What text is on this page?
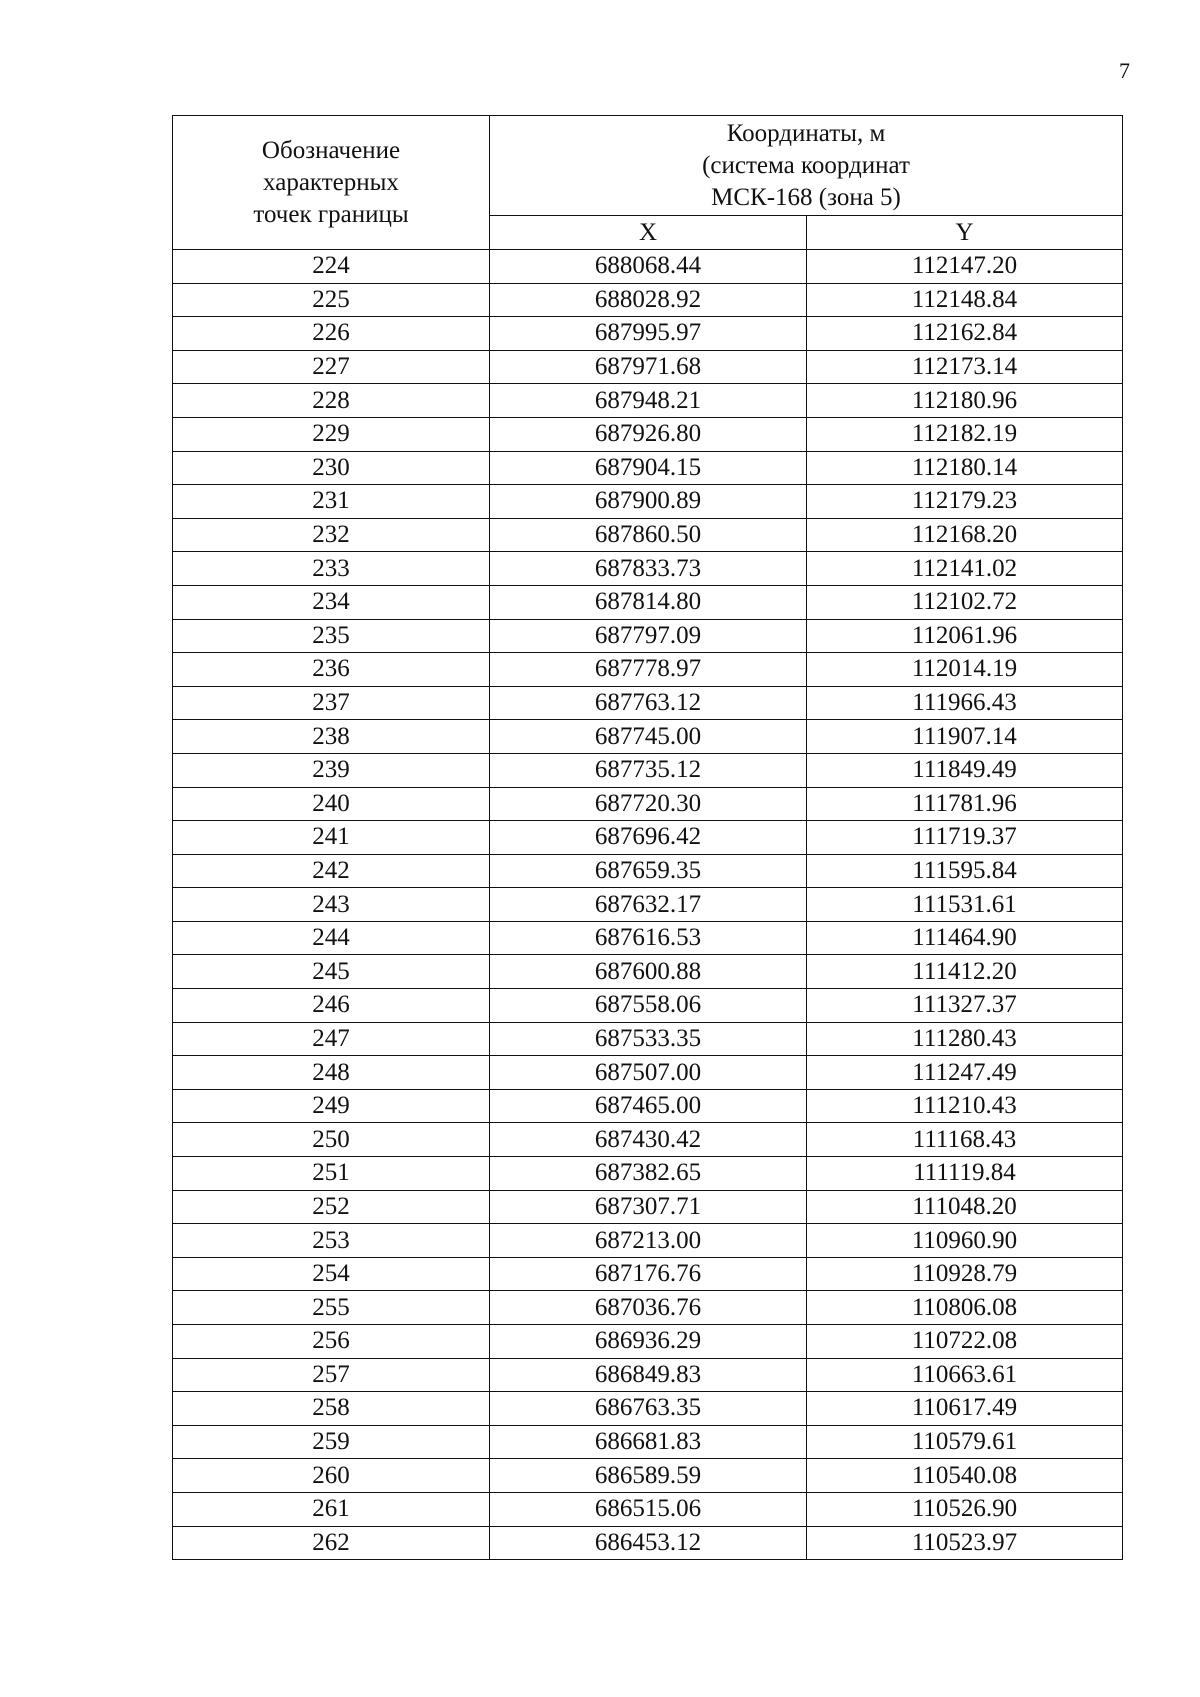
7
Обозначение
характерных
точек границы	Координаты, м
(система координат
МСК-168 (зона 5)	

	X	Y
224	688068.44	112147.20
225	688028.92	112148.84
226	687995.97	112162.84
227	687971.68	112173.14
228	687948.21	112180.96
229	687926.80	112182.19
230	687904.15	112180.14
231	687900.89	112179.23
232	687860.50	112168.20
233	687833.73	112141.02
234	687814.80	112102.72
235	687797.09	112061.96
236	687778.97	112014.19
237	687763.12	111966.43
238	687745.00	111907.14
239	687735.12	111849.49
240	687720.30	111781.96
241	687696.42	111719.37
242	687659.35	111595.84
243	687632.17	111531.61
244	687616.53	111464.90
245	687600.88	111412.20
246	687558.06	111327.37
247	687533.35	111280.43
248	687507.00	111247.49
249	687465.00	111210.43
250	687430.42	111168.43
251	687382.65	111119.84
252	687307.71	111048.20
253	687213.00	110960.90
254	687176.76	110928.79
255	687036.76	110806.08
256	686936.29	110722.08
257	686849.83	110663.61
258	686763.35	110617.49
259	686681.83	110579.61
260	686589.59	110540.08
261	686515.06	110526.90
262	686453.12	110523.97
